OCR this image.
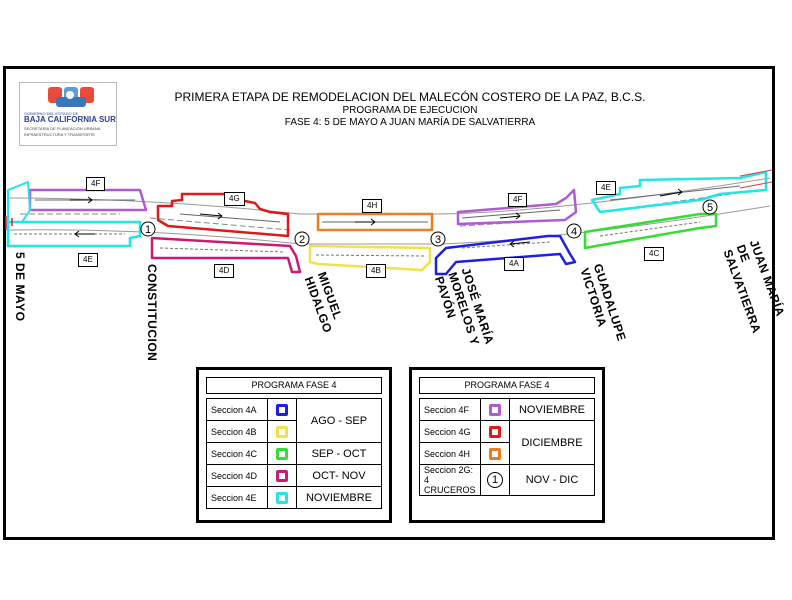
GOBIERNO DEL ESTADO DE
BAJA CALIFORNIA SUR
SECRETARÍA DE PLANEACIÓN URBANA
INFRAESTRUCTURA Y TRANSPORTE
PRIMERA ETAPA DE REMODELACION DEL MALECÓN COSTERO DE LA PAZ, B.C.S.
PROGRAMA DE EJECUCION
FASE 4: 5 DE MAYO A JUAN MARÍA DE SALVATIERRA
1
2	3
4
5
4F
4G
4H
4F
4E
4E
4D	4B
4A
4C
5 DE MAYO	CONSTITUCION	MIGUEL HIDALGO	JOSÉ MARÍA MORELOS Y PAVÓN	GUADALUPE VICTORIA	JUAN MARÍA DE SALVATIERRA
PROGRAMA FASE 4
Seccion 4A		AGO - SEP
Seccion 4B		
Seccion 4C		SEP - OCT
Seccion 4D		OCT- NOV
Seccion 4E		NOVIEMBRE
PROGRAMA FASE 4
Seccion 4F		NOVIEMBRE
Seccion 4G		DICIEMBRE
Seccion 4H		

Seccion 2G:
4 CRUCEROS	1	NOV - DIC
